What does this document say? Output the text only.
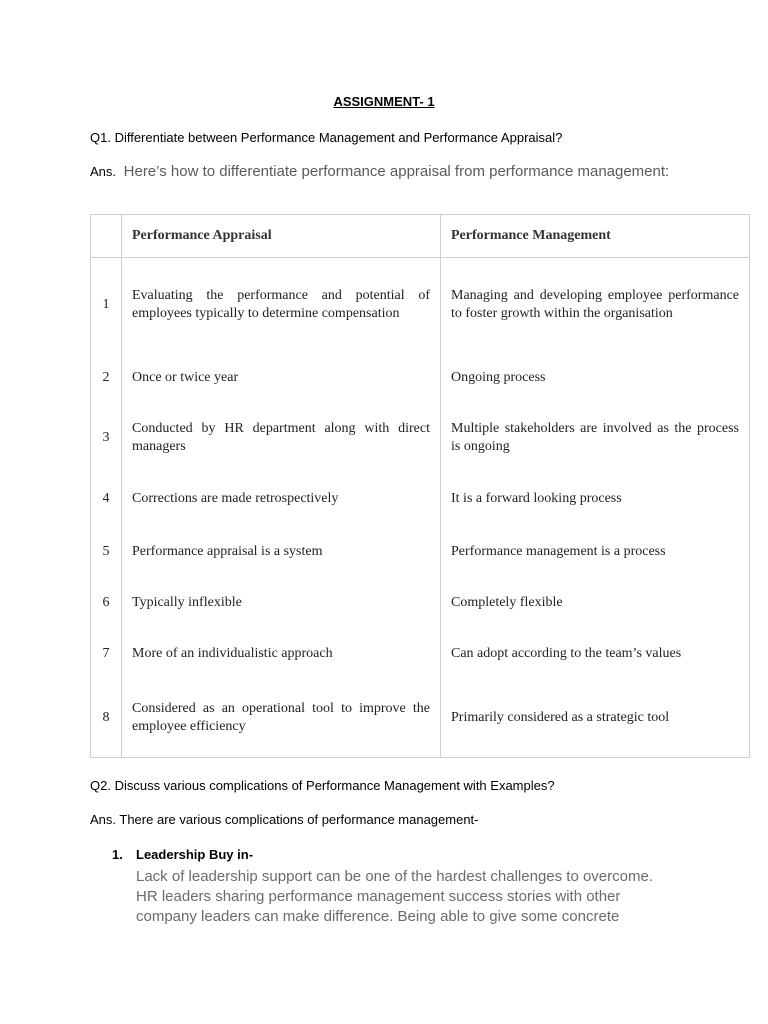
ASSIGNMENT- 1
Q1. Differentiate between Performance Management and Performance Appraisal?
Ans. Here’s how to differentiate performance appraisal from performance management:
	Performance Appraisal	Performance Management
1	Evaluating the performance and potential of employees typically to determine compensation	Managing and developing employee performance to foster growth within the organisation
2	Once or twice year	Ongoing process
3	Conducted by HR department along with direct managers	Multiple stakeholders are involved as the process is ongoing
4	Corrections are made retrospectively	It is a forward looking process
5	Performance appraisal is a system	Performance management is a process
6	Typically inflexible	Completely flexible
7	More of an individualistic approach	Can adopt according to the team’s values
8	Considered as an operational tool to improve the employee efficiency	Primarily considered as a strategic tool
Q2. Discuss various complications of Performance Management with Examples?
Ans. There are various complications of performance management-
1. Leadership Buy in-
Lack of leadership support can be one of the hardest challenges to overcome.
HR leaders sharing performance management success stories with other
company leaders can make difference. Being able to give some concrete
